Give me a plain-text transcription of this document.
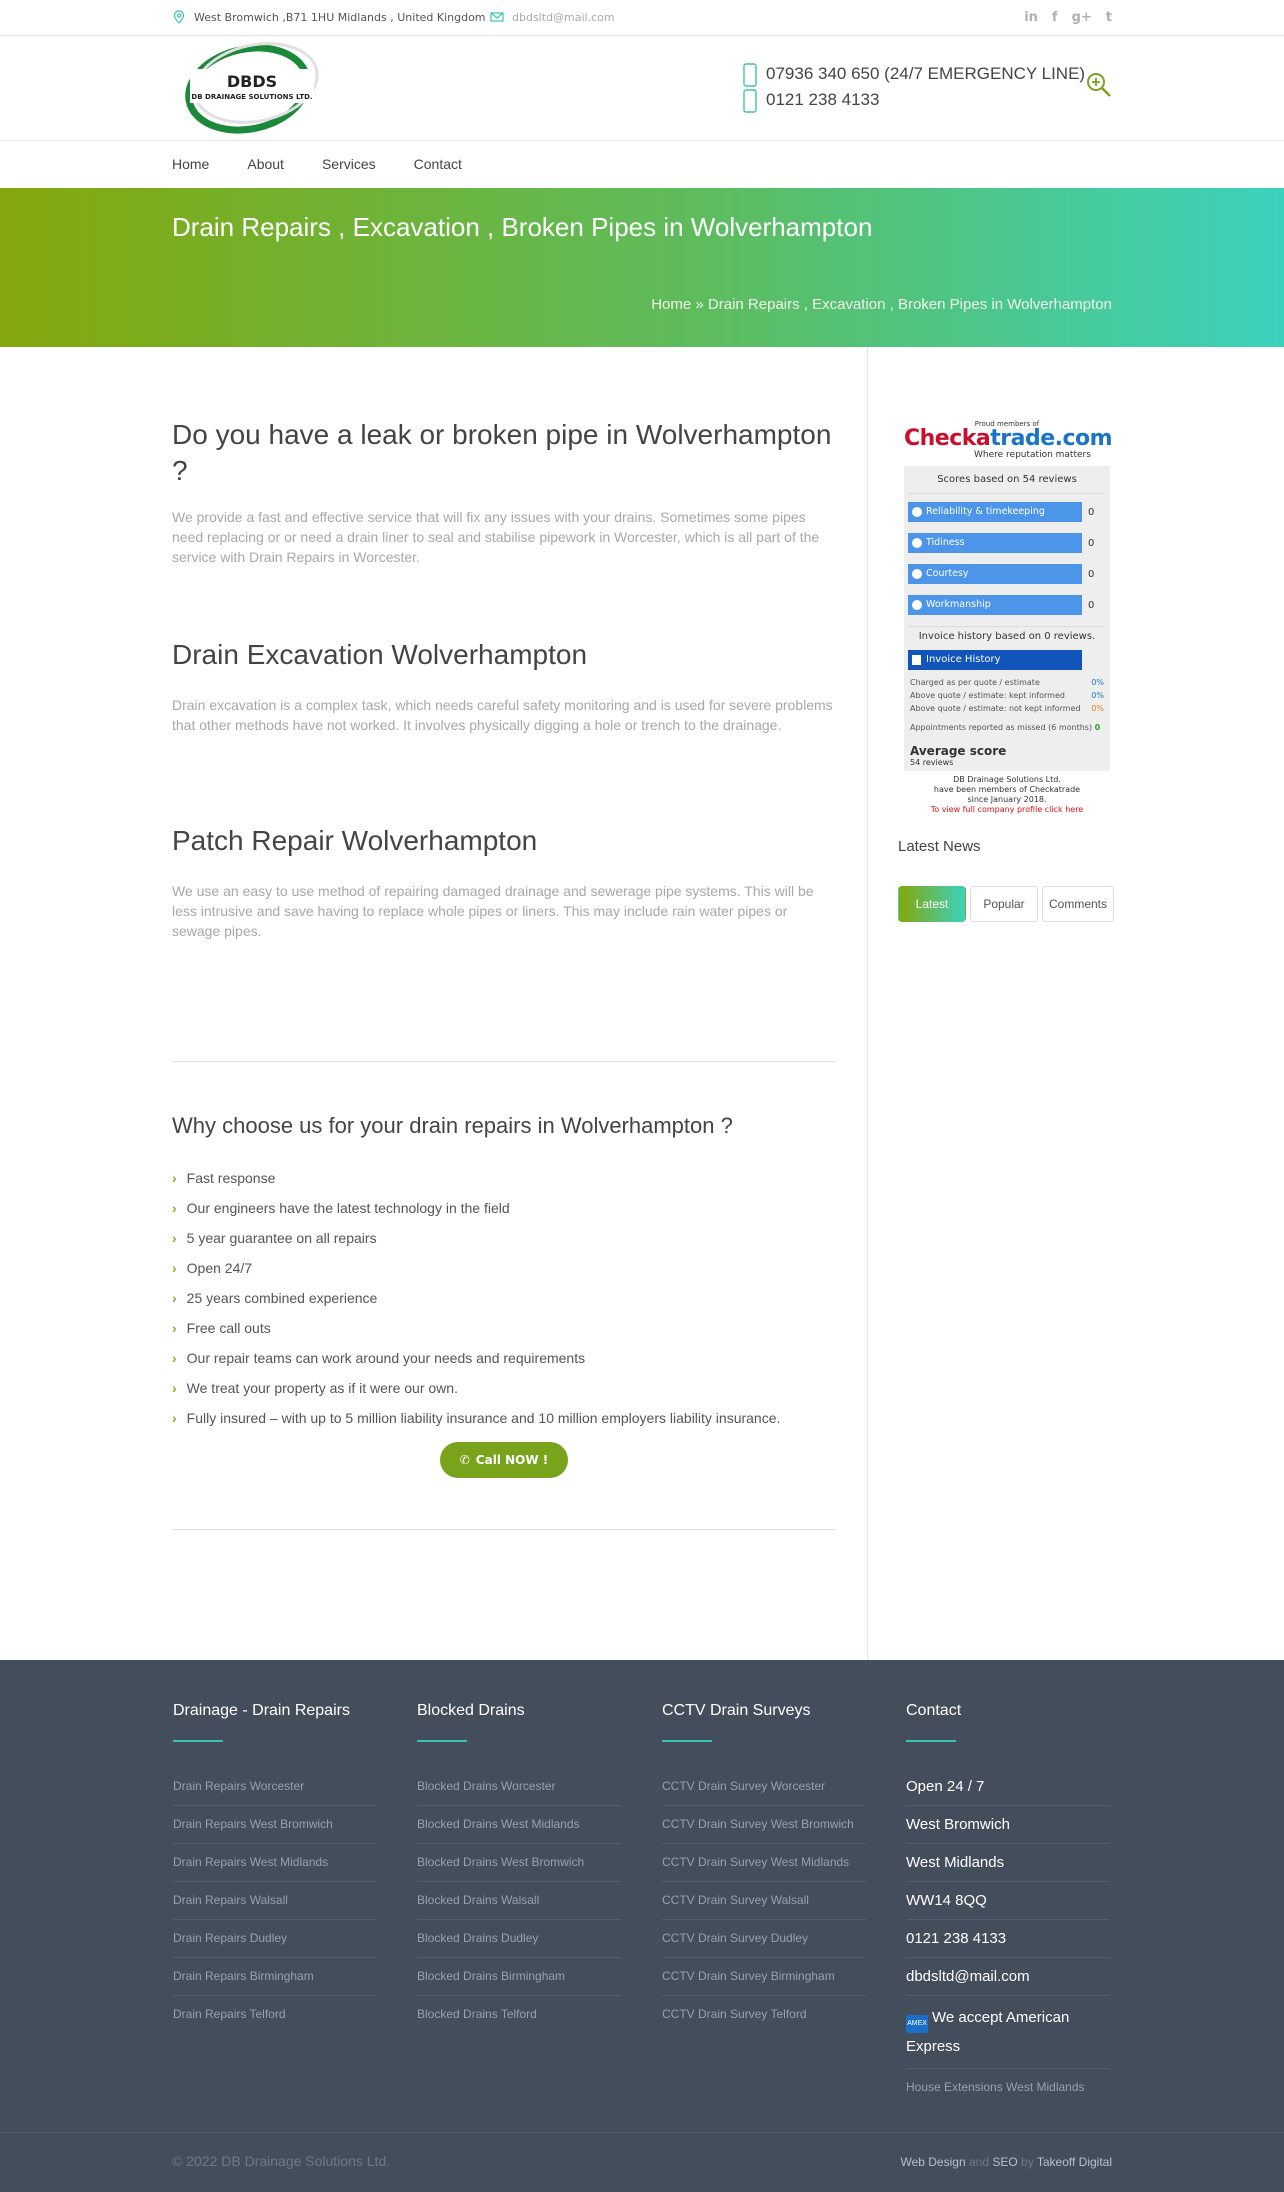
West Bromwich ,B71 1HU Midlands , United Kingdom	dbdsltd@mail.com	in f g+ t
DBDS
DB DRAINAGE SOLUTIONS LTD.
07936 340 650 (24/7 EMERGENCY LINE)
0121 238 4133
Home	About	Services	Contact
Drain Repairs , Excavation , Broken Pipes in Wolverhampton
Home » Drain Repairs , Excavation , Broken Pipes in Wolverhampton
Do you have a leak or broken pipe in Wolverhampton ?

We provide a fast and effective service that will fix any issues with your drains. Sometimes some pipes need replacing or or need a drain liner to seal and stabilise pipework in Worcester, which is all part of the service with Drain Repairs in Worcester.

Drain Excavation Wolverhampton

Drain excavation is a complex task, which needs careful safety monitoring and is used for severe problems that other methods have not worked. It involves physically digging a hole or trench to the drainage.

Patch Repair Wolverhampton

We use an easy to use method of repairing damaged drainage and sewerage pipe systems. This will be less intrusive and save having to replace whole pipes or liners. This may include rain water pipes or sewage pipes.

Why choose us for your drain repairs in Wolverhampton ?
› Fast response
› Our engineers have the latest technology in the field
› 5 year guarantee on all repairs
› Open 24/7
› 25 years combined experience
› Free call outs
› Our repair teams can work around your needs and requirements
› We treat your property as if it were our own.
› Fully insured – with up to 5 million liability insurance and 10 million employers liability insurance.
✆ Call NOW !
Proud members of
Checkatrade.com
Where reputation matters
Scores based on 54 reviews
Reliability & timekeeping	0
Tidiness	0
Courtesy	0
Workmanship	0
Invoice history based on 0 reviews.
Invoice History
Charged as per quote / estimate	0%
Above quote / estimate: kept informed	0%
Above quote / estimate: not kept informed 0%
Appointments reported as missed (6 months) 0
Average score
54 reviews
DB Drainage Solutions Ltd.
have been members of Checkatrade
since January 2018.
To view full company profile click here
Latest News
Latest	Popular	Comments
Drainage - Drain Repairs
Drain Repairs Worcester
Drain Repairs West Bromwich
Drain Repairs West Midlands
Drain Repairs Walsall
Drain Repairs Dudley
Drain Repairs Birmingham
Drain Repairs Telford
Blocked Drains
Blocked Drains Worcester
Blocked Drains West Midlands
Blocked Drains West Bromwich
Blocked Drains Walsall
Blocked Drains Dudley
Blocked Drains Birmingham
Blocked Drains Telford
CCTV Drain Surveys
CCTV Drain Survey Worcester
CCTV Drain Survey West Bromwich
CCTV Drain Survey West Midlands
CCTV Drain Survey Walsall
CCTV Drain Survey Dudley
CCTV Drain Survey Birmingham
CCTV Drain Survey Telford
Contact
Open 24 / 7
West Bromwich
West Midlands
WW14 8QQ
0121 238 4133
dbdsltd@mail.com
AMEX We accept American Express
House Extensions West Midlands
© 2022 DB Drainage Solutions Ltd.	Web Design and SEO by Takeoff Digital
